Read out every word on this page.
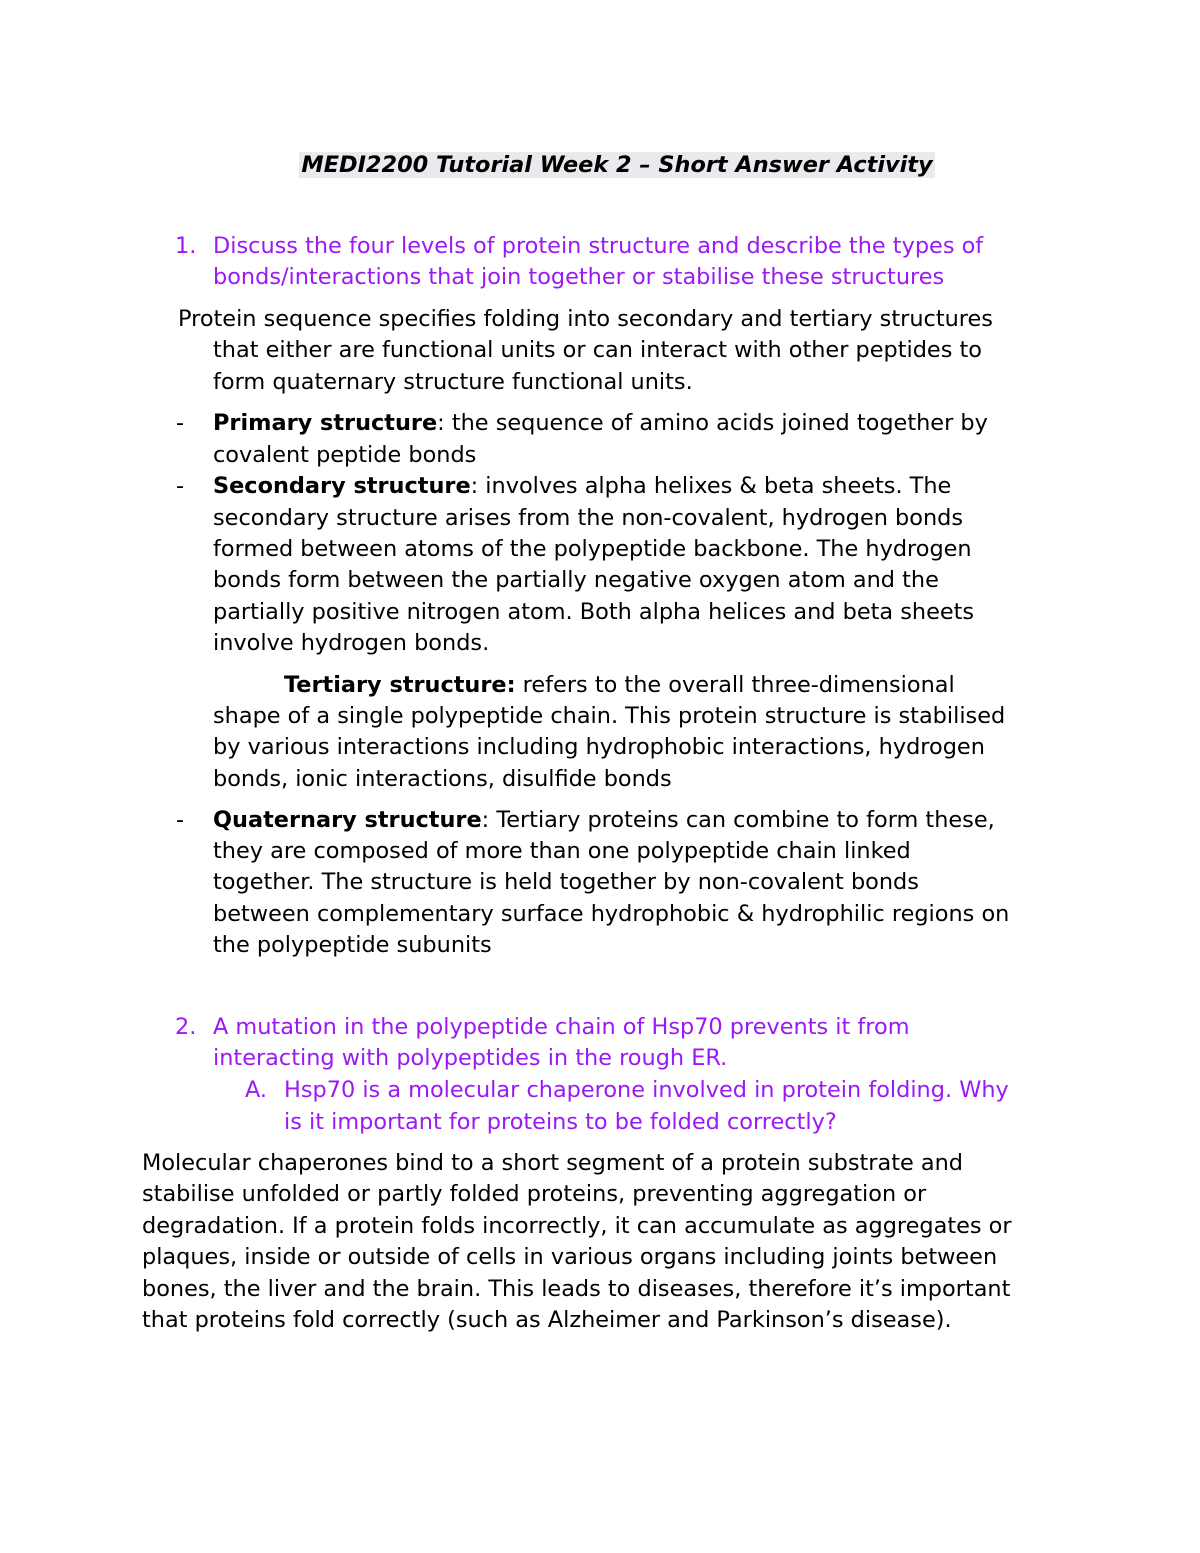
MEDI2200 Tutorial Week 2 – Short Answer Activity
1. Discuss the four levels of protein structure and describe the types of
bonds/interactions that join together or stabilise these structures
Protein sequence specifies folding into secondary and tertiary structures
that either are functional units or can interact with other peptides to
form quaternary structure functional units.
- Primary structure: the sequence of amino acids joined together by
covalent peptide bonds
- Secondary structure: involves alpha helixes & beta sheets. The
secondary structure arises from the non-covalent, hydrogen bonds
formed between atoms of the polypeptide backbone. The hydrogen
bonds form between the partially negative oxygen atom and the
partially positive nitrogen atom. Both alpha helices and beta sheets
involve hydrogen bonds.
Tertiary structure: refers to the overall three-dimensional
shape of a single polypeptide chain. This protein structure is stabilised
by various interactions including hydrophobic interactions, hydrogen
bonds, ionic interactions, disulfide bonds
- Quaternary structure: Tertiary proteins can combine to form these,
they are composed of more than one polypeptide chain linked
together. The structure is held together by non-covalent bonds
between complementary surface hydrophobic & hydrophilic regions on
the polypeptide subunits
2. A mutation in the polypeptide chain of Hsp70 prevents it from
interacting with polypeptides in the rough ER.
A. Hsp70 is a molecular chaperone involved in protein folding. Why
is it important for proteins to be folded correctly?
Molecular chaperones bind to a short segment of a protein substrate and
stabilise unfolded or partly folded proteins, preventing aggregation or
degradation. If a protein folds incorrectly, it can accumulate as aggregates or
plaques, inside or outside of cells in various organs including joints between
bones, the liver and the brain. This leads to diseases, therefore it’s important
that proteins fold correctly (such as Alzheimer and Parkinson’s disease).
